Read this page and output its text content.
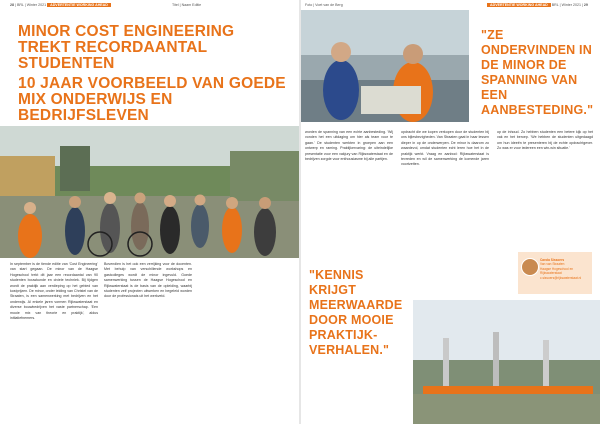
28 | BRL | Winter 2021 ADVERTENTIE WORKING AHEAD	Titel | Naam Editie
MINOR COST ENGINEERING TREKT RECORDAANTAL STUDENTEN
10 JAAR VOORBEELD VAN GOEDE MIX ONDERWIJS EN BEDRIJFSLEVEN
In september is de tiende editie van 'Cost Engineering' van start gegaan. De minor van de Haagse Hogeschool trekt dit jaar een recordaantal van 90 studenten bouwkunde en civiele techniek. Bij tijdgen wordt de praktijk aan verdieping op het gebied van kostprijzen. De minor, onder leiding van Christel van de Straaten, is een samenwerking met bedrijven en het onderwijs. Al enkele jaren vormen Rijkswaterstaat en diverse bouwbedrijven het vaste partnerschap. 'Een mooie mix van theorie en praktijk', aldus initiatiefnemers.
Bovendien is het ook een verrijking voor de docenten. Met behulp van verschillende workshops en gastcolleges wordt de minor ingevuld. Goede samenwerking tussen de Haagse Hogeschool en Rijkswaterstaat is de basis van de opleiding, waarbij studenten zelf projecten uitwerken en begeleid worden door de professionals uit het werkveld.
Foto | Voet van de Berg	ADVERTENTIE WORKING AHEAD BRL | Winter 2021 | 29
"ZE ONDERVINDEN IN DE MINOR DE SPANNING VAN EEN AANBESTEDING."
worden de spanning van een echte aanbesteding. 'Wij vonden het een uitdaging om hier als team voor te gaan.' De studenten werkten in groepen aan een ontwerp en raming. Praktijkervaring: de uiteindelijke presentatie voor een vakjury van Rijkswaterstaat en de bedrijven zorgde voor enthousiasme bij alle partijen.
opdracht die we kopen verkopen door de studenten bij ons bijlesbezigheden. Van Straaten gaat in haar lessen dieper in op de onderwerpen. De minor is daarom zo waardevol, omdat studenten echt leren hoe het in de praktijk werkt. Vraag en aanbod: Rijkswaterstaat is tevreden en wil de samenwerking de komende jaren voortzetten.
op de inhoud. Zo hebben studenten een betere kijk op het vak en het beroep. 'We hebben de studenten uitgedaagd om hun ideeën te presenteren bij de echte opdrachtgever. Zo was er voor iedereen een win-win situatie.'
"KENNIS KRIJGT MEERWAARDE DOOR MOOIE PRAKTIJK-VERHALEN."
Carola Sissoers
Van van Straaten
Haagse Hogeschool en Rijkswaterstaat
c.sissoers@rijkswaterstaat.nl
